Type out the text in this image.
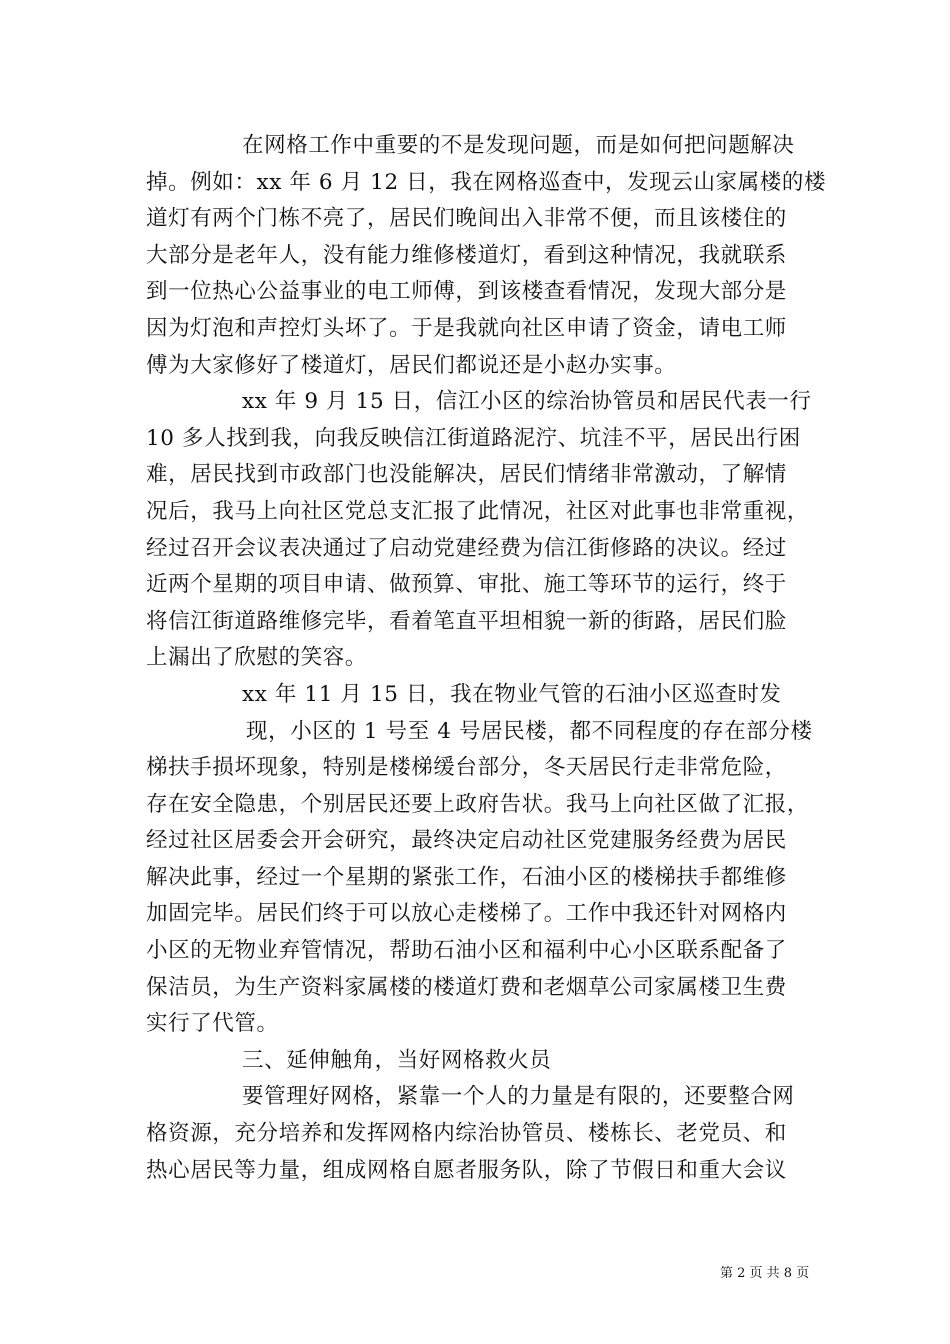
在网格工作中重要的不是发现问题，而是如何把问题解决
掉。例如：xx 年 6 月 12 日，我在网格巡查中，发现云山家属楼的楼
道灯有两个门栋不亮了，居民们晚间出入非常不便，而且该楼住的
大部分是老年人，没有能力维修楼道灯，看到这种情况，我就联系
到一位热心公益事业的电工师傅，到该楼查看情况，发现大部分是
因为灯泡和声控灯头坏了。于是我就向社区申请了资金，请电工师
傅为大家修好了楼道灯，居民们都说还是小赵办实事。
xx 年 9 月 15 日，信江小区的综治协管员和居民代表一行
10 多人找到我，向我反映信江街道路泥泞、坑洼不平，居民出行困
难，居民找到市政部门也没能解决，居民们情绪非常激动，了解情
况后，我马上向社区党总支汇报了此情况，社区对此事也非常重视，
经过召开会议表决通过了启动党建经费为信江街修路的决议。经过
近两个星期的项目申请、做预算、审批、施工等环节的运行，终于
将信江街道路维修完毕，看着笔直平坦相貌一新的街路，居民们脸
上漏出了欣慰的笑容。
xx 年 11 月 15 日，我在物业气管的石油小区巡查时发
现，小区的 1 号至 4 号居民楼，都不同程度的存在部分楼
梯扶手损坏现象，特别是楼梯缓台部分，冬天居民行走非常危险，
存在安全隐患，个别居民还要上政府告状。我马上向社区做了汇报，
经过社区居委会开会研究，最终决定启动社区党建服务经费为居民
解决此事，经过一个星期的紧张工作，石油小区的楼梯扶手都维修
加固完毕。居民们终于可以放心走楼梯了。工作中我还针对网格内
小区的无物业弃管情况，帮助石油小区和福利中心小区联系配备了
保洁员，为生产资料家属楼的楼道灯费和老烟草公司家属楼卫生费
实行了代管。
三、延伸触角，当好网格救火员
要管理好网格，紧靠一个人的力量是有限的，还要整合网
格资源，充分培养和发挥网格内综治协管员、楼栋长、老党员、和
热心居民等力量，组成网格自愿者服务队，除了节假日和重大会议
第 2 页 共 8 页
